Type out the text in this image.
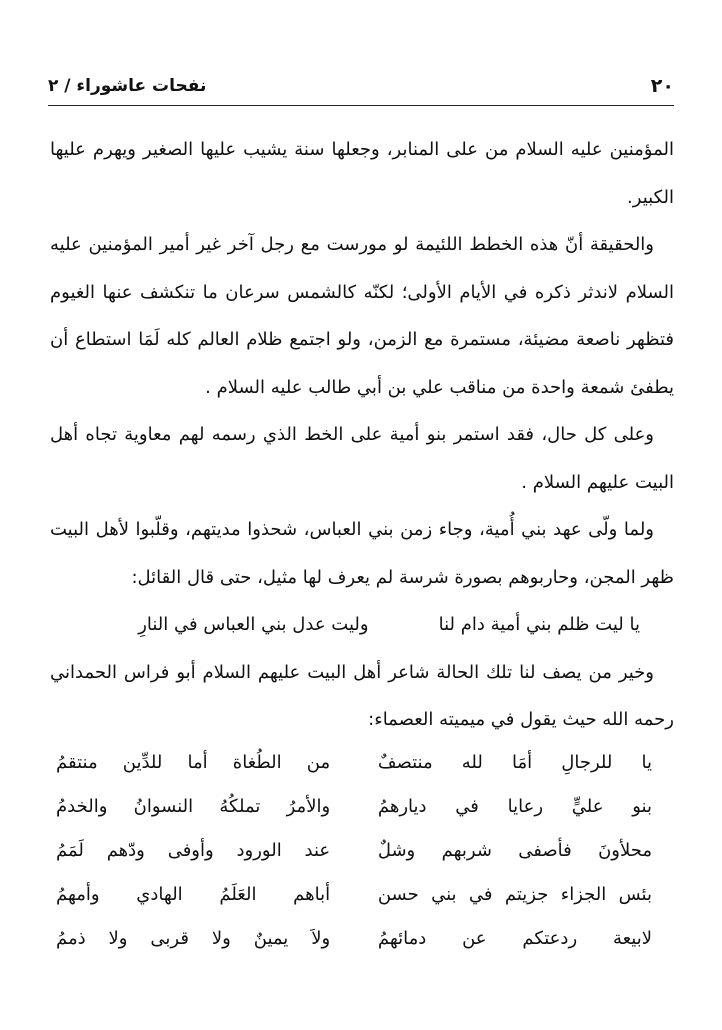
٢٠
نفحات عاشوراء / ٢

المؤمنين عليه السلام من على المنابر، وجعلها سنة يشيب عليها الصغير ويهرم عليها الكبير.

والحقيقة أنّ هذه الخطط اللئيمة لو مورست مع رجل آخر غير أمير المؤمنين عليه السلام لاندثر ذكره في الأيام الأولى؛ لكنّه كالشمس سرعان ما تنكشف عنها الغيوم فتظهر ناصعة مضيئة، مستمرة مع الزمن، ولو اجتمع ظلام العالم كله لَمَا استطاع أن يطفئ شمعة واحدة من مناقب علي بن أبي طالب عليه السلام .

وعلى كل حال، فقد استمر بنو أمية على الخط الذي رسمه لهم معاوية تجاه أهل البيت عليهم السلام .

ولما ولّى عهد بني أُمية، وجاء زمن بني العباس، شحذوا مديتهم، وقلّبوا لأهل البيت ظهر المجن، وحاربوهم بصورة شرسة لم يعرف لها مثيل، حتى قال القائل:

يا ليت ظلم بني أمية دام لنا
وليت عدل بني العباس في النارِ

وخير من يصف لنا تلك الحالة شاعر أهل البيت عليهم السلام أبو فراس الحمداني رحمه الله حيث يقول في ميميته العصماء:

يا للرجالِ أمَا لله منتصفٌ
من الطُغاة أما للدِّين منتقمُ
بنو عليٍّ رعايا في ديارهمُ
والأمرُ تملكُهُ النسوانُ والخدمُ
محلأونَ فأصفى شربهم وشلٌ
عند الورود وأوفى ودّهم لَمَمُ
بئس الجزاء جزيتم في بني حسن
أباهم العَلَمُ الهادي وأمهمُ
لابيعة ردعتكم عن دمائهمُ
ولاَ يمينٌ ولا قربى ولا ذممُ
